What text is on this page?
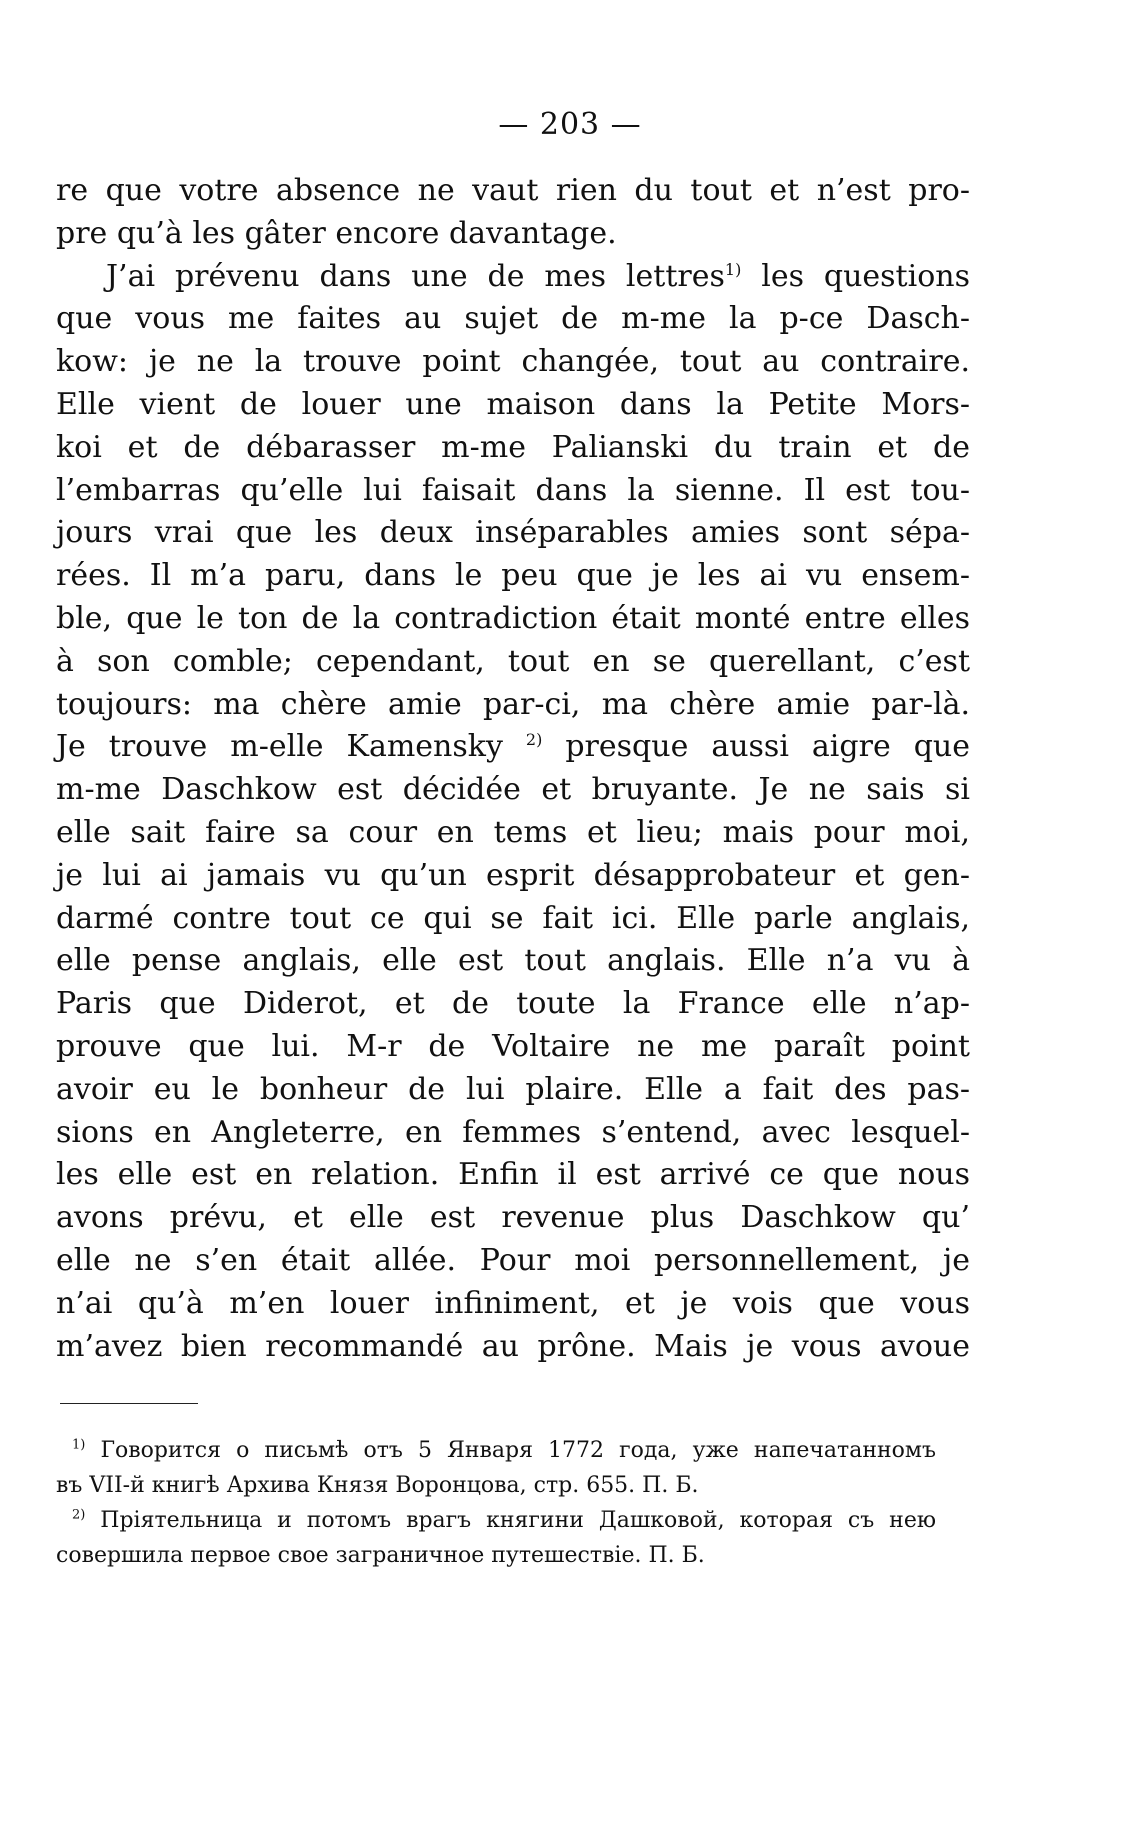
— 203 —
re que votre absence ne vaut rien du tout et n’est pro-
pre qu’à les gâter encore davantage.
J’ai prévenu dans une de mes lettres$^{1)}$ les questions
que vous me faites au sujet de m-me la p-ce Dasch-
kow: je ne la trouve point changée, tout au contraire.
Elle vient de louer une maison dans la Petite Mors-
koi et de débarasser m-me Palianski du train et de
l’embarras qu’elle lui faisait dans la sienne. Il est tou-
jours vrai que les deux inséparables amies sont sépa-
rées. Il m’a paru, dans le peu que je les ai vu ensem-
ble, que le ton de la contradiction était monté entre elles
à son comble; cependant, tout en se querellant, c’est
toujours: ma chère amie par-ci, ma chère amie par-là.
Je trouve m-elle Kamensky $^{2)}$ presque aussi aigre que
m-me Daschkow est décidée et bruyante. Je ne sais si
elle sait faire sa cour en tems et lieu; mais pour moi,
je lui ai jamais vu qu’un esprit désapprobateur et gen-
darmé contre tout ce qui se fait ici. Elle parle anglais,
elle pense anglais, elle est tout anglais. Elle n’a vu à
Paris que Diderot, et de toute la France elle n’ap-
prouve que lui. M-r de Voltaire ne me paraît point
avoir eu le bonheur de lui plaire. Elle a fait des pas-
sions en Angleterre, en femmes s’entend, avec lesquel-
les elle est en relation. Enfin il est arrivé ce que nous
avons prévu, et elle est revenue plus Daschkow qu’
elle ne s’en était allée. Pour moi personnellement, je
n’ai qu’à m’en louer infiniment, et je vois que vous
m’avez bien recommandé au prône. Mais je vous avoue
$^{1)}$ Говорится о письмѣ отъ 5 Января 1772 года, уже напечатанномъ
въ VII-й книгѣ Архива Князя Воронцова, стр. 655. П. Б.
$^{2)}$ Пріятельница и потомъ врагъ княгини Дашковой, которая съ нею
совершила первое свое заграничное путешествіе. П. Б.
